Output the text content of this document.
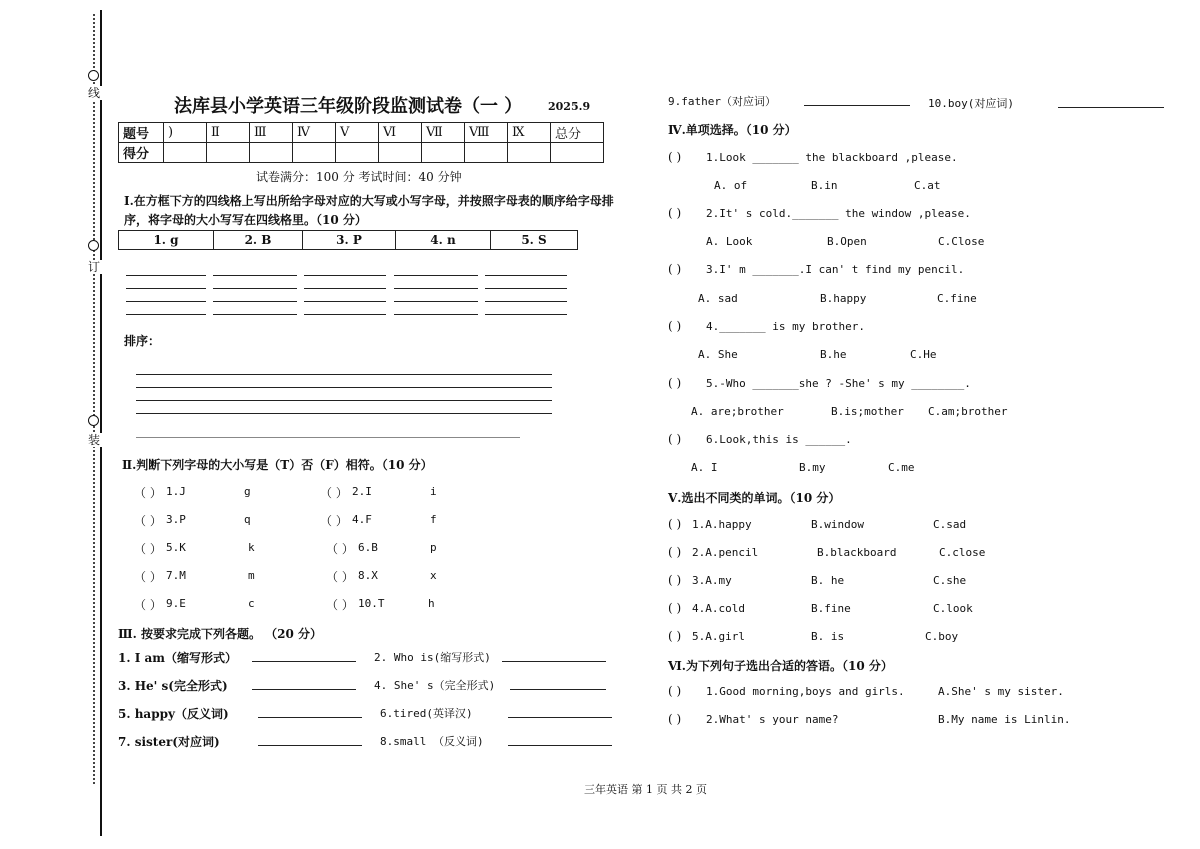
线
订
装
法库县小学英语三年级阶段监测试卷（一 ） 2025.9
题号	)	Ⅱ	Ⅲ	Ⅳ	Ⅴ	Ⅵ	Ⅶ	Ⅷ	Ⅸ	总分
得分										
试卷满分：100 分 考试时间：40 分钟
Ⅰ.在方框下方的四线格上写出所给字母对应的大写或小写字母，并按照字母表的顺序给字母排
序，将字母的大小写写在四线格里。（10 分）
1. g	2. B	3. P	4. n	5. S
排序：
Ⅱ.判断下列字母的大小写是（T）否（F）相符。（10 分）
（ ） 1.J	g	（ ） 2.I	i
（ ） 3.P	q	（ ） 4.F	f
（ ） 5.K	k	（ ） 6.B	p
（ ） 7.M	m	（ ） 8.X	x
（ ） 9.E	c	（ ） 10.T	h
Ⅲ. 按要求完成下列各题。 （20 分）
1. I am（缩写形式）	2. Who is(缩写形式)
3. He' s(完全形式)	4. She' s（完全形式)
5. happy（反义词)	6.tired(英译汉)
7. sister(对应词)	8.small （反义词)
9.father（对应词）	10.boy(对应词)
Ⅳ.单项选择。（10 分）
( ) 1.Look _______ the blackboard ,please.
A. of	B.in	C.at
( ) 2.It' s cold._______ the window ,please.
A. Look	B.Open	C.Close
( ) 3.I' m _______.I can' t find my pencil.
A. sad	B.happy	C.fine
( ) 4._______ is my brother.
A. She	B.he	C.He
( ) 5.-Who _______she ? -She' s my ________.
A. are;brother	B.is;mother C.am;brother
( ) 6.Look,this is ______.
A. I	B.my	C.me
Ⅴ.选出不同类的单词。（10 分）
( ) 1.A.happy	B.window	C.sad
( ) 2.A.pencil	B.blackboard	C.close
( ) 3.A.my	B. he	C.she
( ) 4.A.cold	B.fine	C.look
( ) 5.A.girl	B. is	C.boy
Ⅵ.为下列句子选出合适的答语。（10 分）
( ) 1.Good morning,boys and girls.	A.She' s my sister.
( ) 2.What' s your name?	B.My name is Linlin.
三年英语 第 1 页 共 2 页
